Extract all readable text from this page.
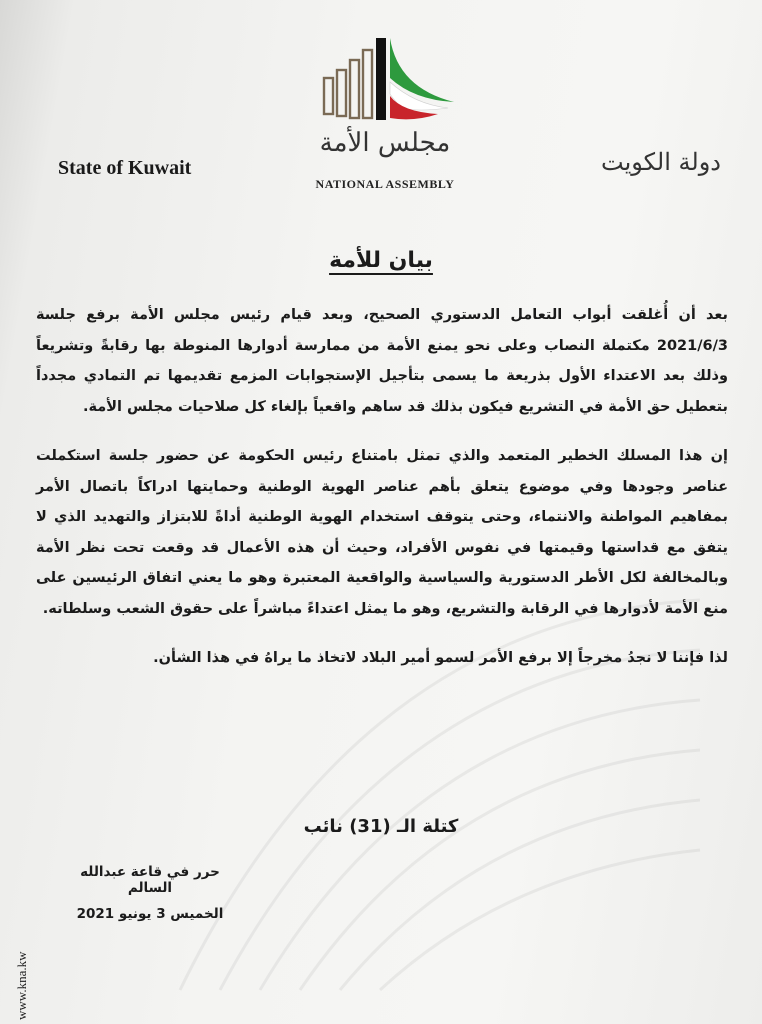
مجلس الأمة
NATIONAL ASSEMBLY
State of Kuwait	دولة الكويت
بيان للأمة

بعد أن أُغلقت أبواب التعامل الدستوري الصحيح، وبعد قيام رئيس مجلس الأمة برفع جلسة 2021/6/3 مكتملة النصاب وعلى نحو يمنع الأمة من ممارسة أدوارها المنوطة بها رقابةً وتشريعاً وذلك بعد الاعتداء الأول بذريعة ما يسمى بتأجيل الإستجوابات المزمع تقديمها تم التمادي مجدداً بتعطيل حق الأمة في التشريع فيكون بذلك قد ساهم واقعياً بإلغاء كل صلاحيات مجلس الأمة.

إن هذا المسلك الخطير المتعمد والذي تمثل بامتناع رئيس الحكومة عن حضور جلسة استكملت عناصر وجودها وفي موضوع يتعلق بأهم عناصر الهوية الوطنية وحمايتها ادراكاً باتصال الأمر بمفاهيم المواطنة والانتماء، وحتى يتوقف استخدام الهوية الوطنية أداةً للابتزاز والتهديد الذي لا يتفق مع قداستها وقيمتها في نفوس الأفراد، وحيث أن هذه الأعمال قد وقعت تحت نظر الأمة وبالمخالفة لكل الأطر الدستورية والسياسية والواقعية المعتبرة وهو ما يعني اتفاق الرئيسين على منع الأمة لأدوارها في الرقابة والتشريع، وهو ما يمثل اعتداءً مباشراً على حقوق الشعب وسلطاته.

لذا فإننا لا نجدُ مخرجاً إلا برفع الأمر لسمو أمير البلاد لاتخاذ ما يراهُ في هذا الشأن.

كتلة الـ (31) نائب
حرر في قاعة عبدالله السالم
الخميس 3 يونيو 2021
www.kna.kw
